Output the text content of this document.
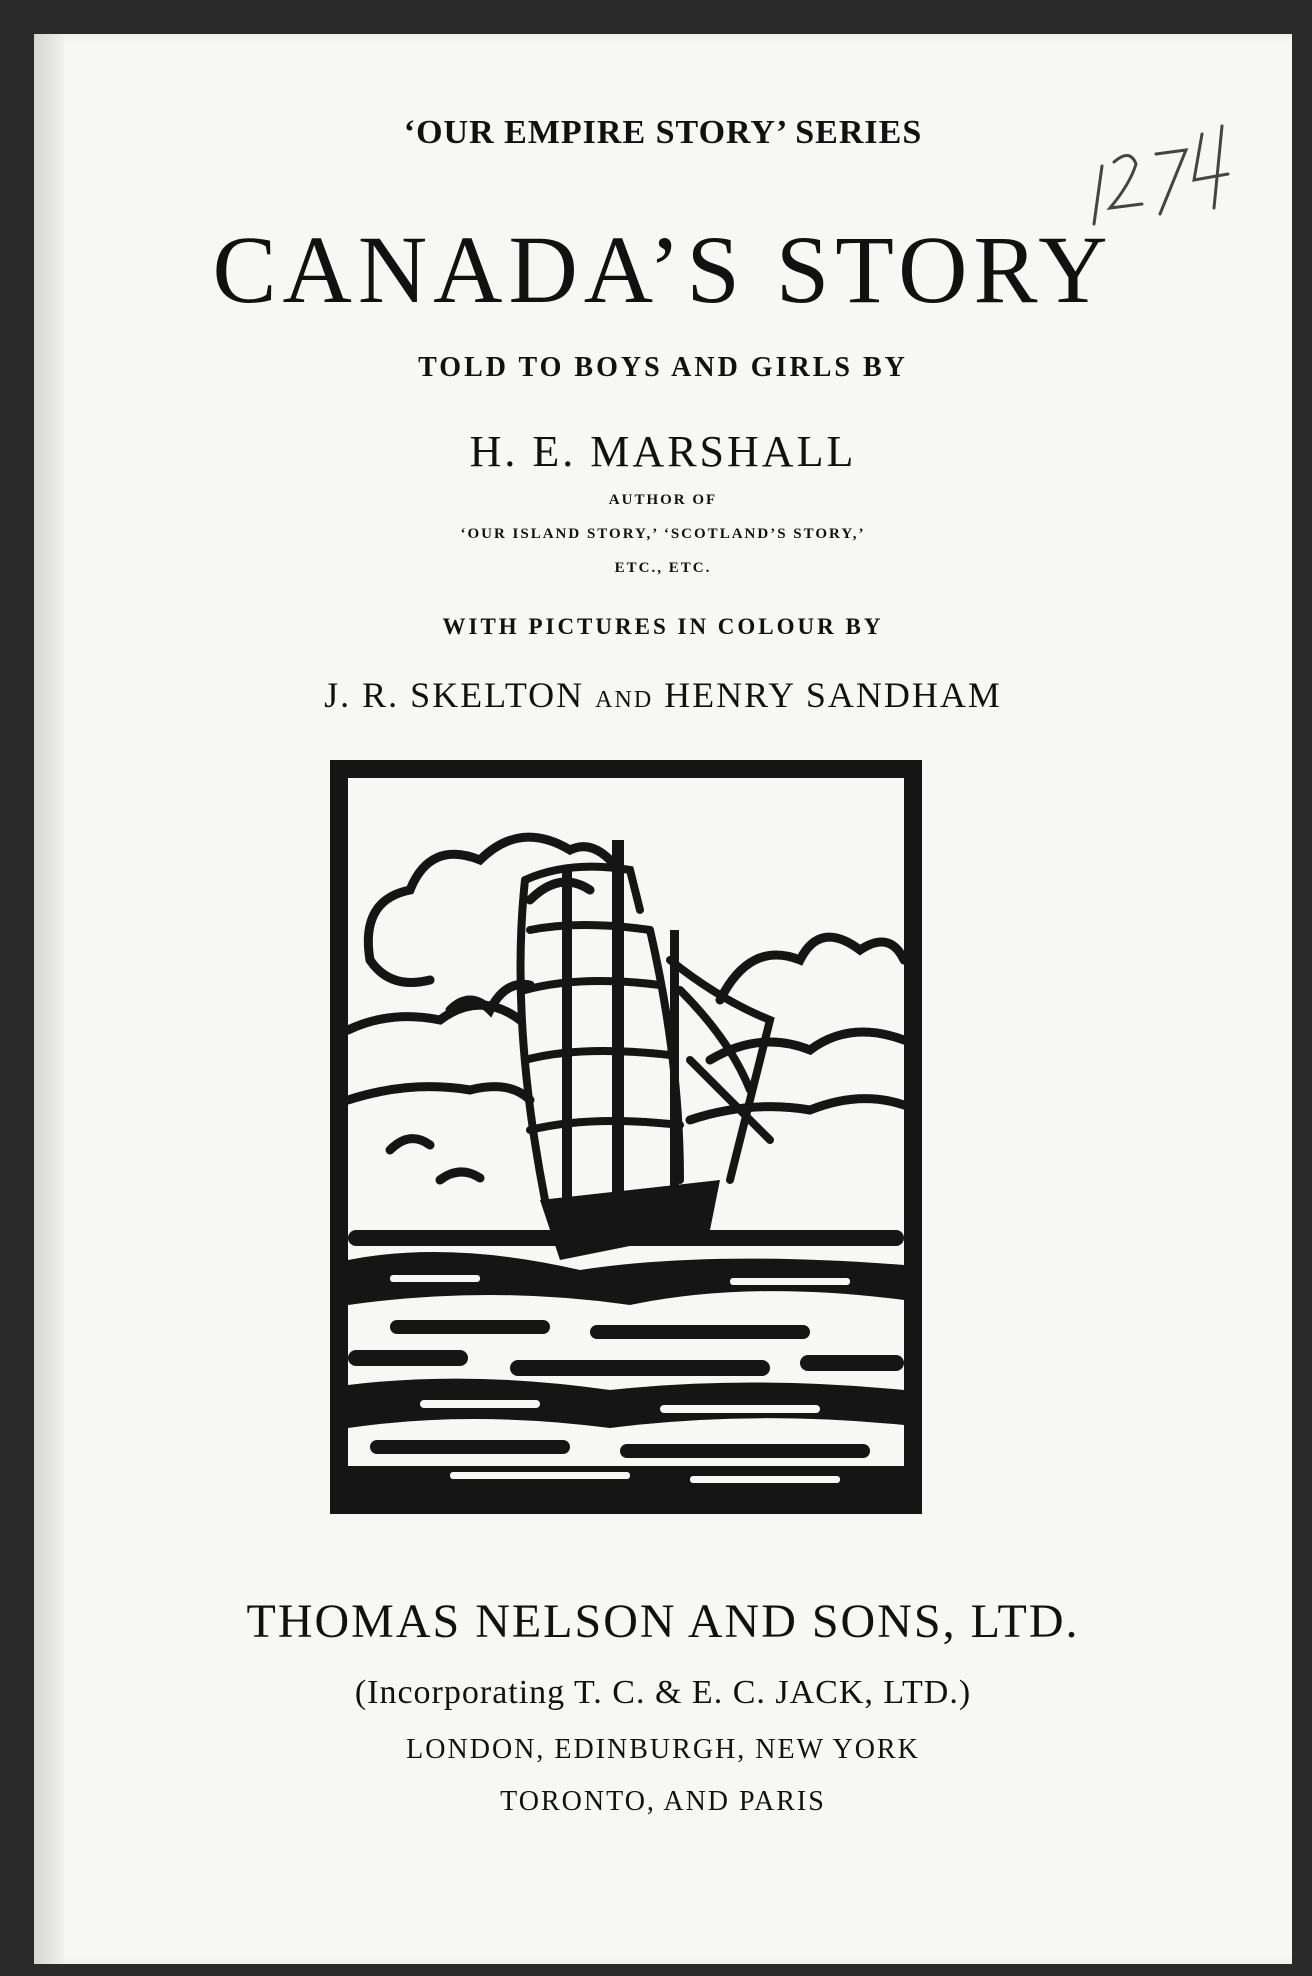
‘OUR EMPIRE STORY’ SERIES
CANADA’S STORY
TOLD TO BOYS AND GIRLS BY
H. E. MARSHALL
AUTHOR OF
‘OUR ISLAND STORY,’ ‘SCOTLAND’S STORY,’
ETC., ETC.
WITH PICTURES IN COLOUR BY
J. R. SKELTON AND HENRY SANDHAM
THOMAS NELSON AND SONS, LTD.
(Incorporating T. C. & E. C. JACK, LTD.)
LONDON, EDINBURGH, NEW YORK
TORONTO, AND PARIS
